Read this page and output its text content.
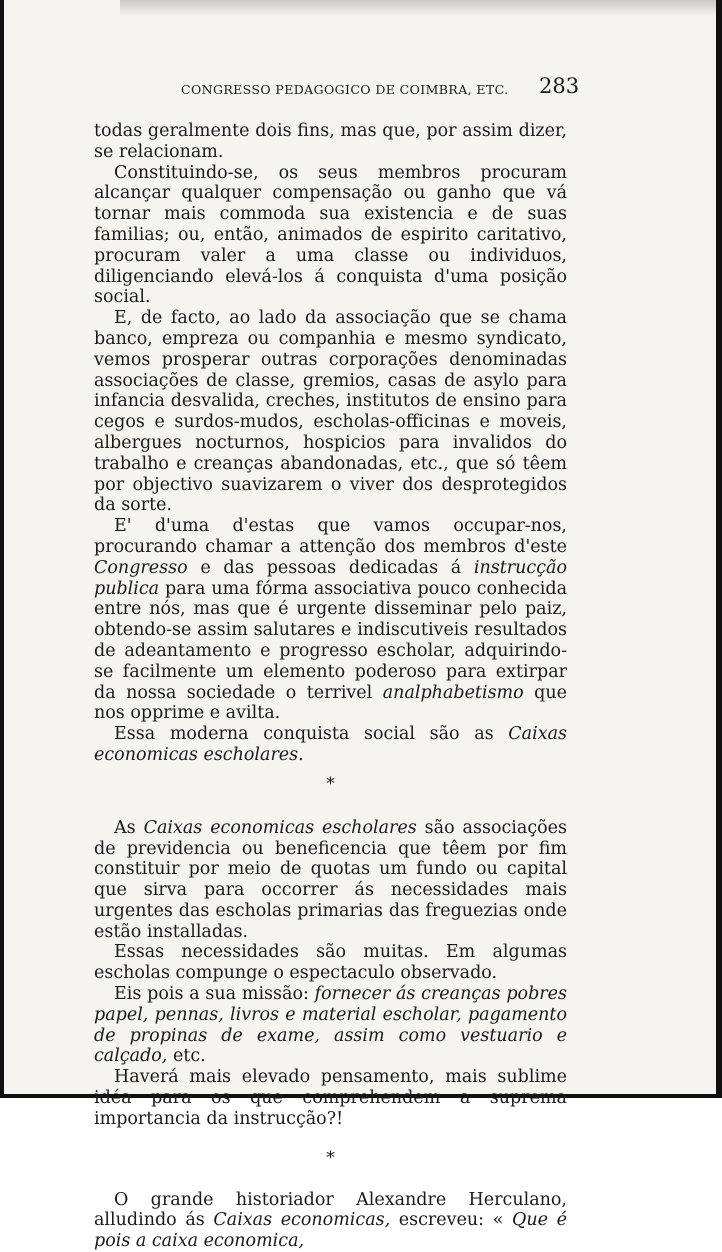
CONGRESSO PEDAGOGICO DE COIMBRA, ETC. 283

todas geralmente dois fins, mas que, por assim dizer, se relacionam.

Constituindo-se, os seus membros procuram alcançar qualquer compensação ou ganho que vá tornar mais commoda sua existencia e de suas familias; ou, então, animados de espirito caritativo, procuram valer a uma classe ou individuos, diligenciando elevá-los á conquista d'uma posição social.

E, de facto, ao lado da associação que se chama banco, empreza ou companhia e mesmo syndicato, vemos prosperar outras corporações denominadas associações de classe, gremios, casas de asylo para infancia desvalida, creches, institutos de ensino para cegos e surdos-mudos, escholas-officinas e moveis, albergues nocturnos, hospicios para invalidos do trabalho e creanças abandonadas, etc., que só têem por objectivo suavizarem o viver dos desprotegidos da sorte.

E' d'uma d'estas que vamos occupar-nos, procurando chamar a attenção dos membros d'este Congresso e das pessoas dedicadas á instrucção publica para uma fórma associativa pouco conhecida entre nós, mas que é urgente disseminar pelo paiz, obtendo-se assim salutares e indiscutiveis resultados de adeantamento e progresso escholar, adquirindo-se facilmente um elemento poderoso para extirpar da nossa sociedade o terrivel analphabetismo que nos opprime e avilta.

Essa moderna conquista social são as Caixas economicas escholares.

*

As Caixas economicas escholares são associações de previdencia ou beneficencia que têem por fim constituir por meio de quotas um fundo ou capital que sirva para occorrer ás necessidades mais urgentes das escholas primarias das freguezias onde estão installadas.

Essas necessidades são muitas. Em algumas escholas compunge o espectaculo observado.

Eis pois a sua missão: fornecer ás creanças pobres papel, pennas, livros e material escholar, pagamento de propinas de exame, assim como vestuario e calçado, etc.

Haverá mais elevado pensamento, mais sublime idéa para os que comprehendem a suprema importancia da instrucção?!

*

O grande historiador Alexandre Herculano, alludindo ás Caixas economicas, escreveu: « Que é pois a caixa economica,
